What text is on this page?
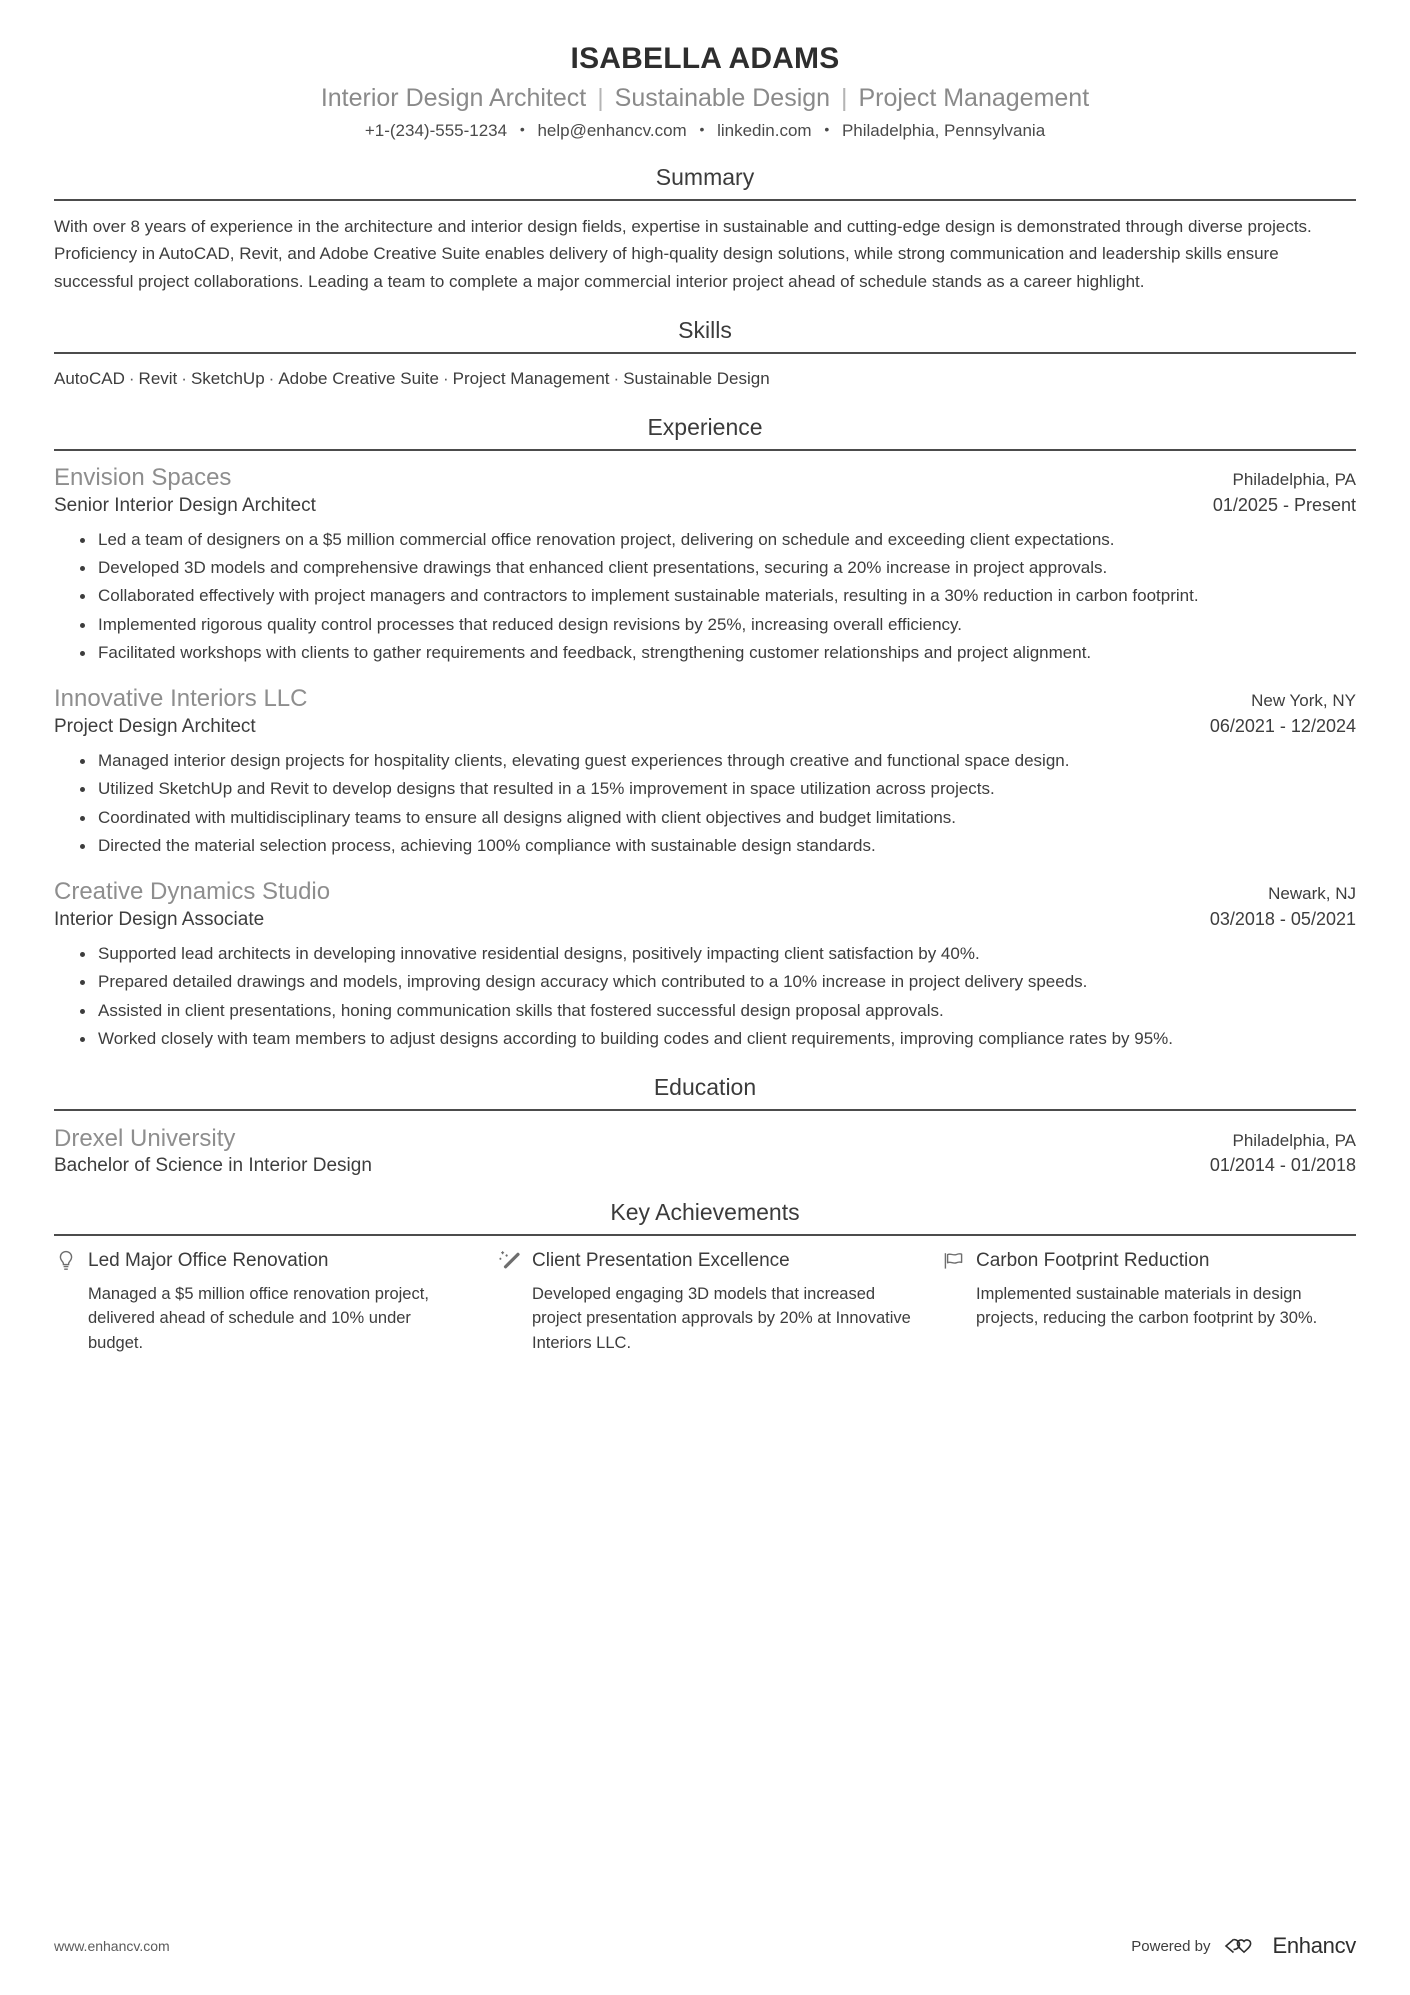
ISABELLA ADAMS
Interior Design Architect | Sustainable Design | Project Management
+1-(234)-555-1234 • help@enhancv.com • linkedin.com • Philadelphia, Pennsylvania
Summary
With over 8 years of experience in the architecture and interior design fields, expertise in sustainable and cutting-edge design is demonstrated through diverse projects. Proficiency in AutoCAD, Revit, and Adobe Creative Suite enables delivery of high-quality design solutions, while strong communication and leadership skills ensure successful project collaborations. Leading a team to complete a major commercial interior project ahead of schedule stands as a career highlight.
Skills
AutoCAD · Revit · SketchUp · Adobe Creative Suite · Project Management · Sustainable Design
Experience
Envision Spaces	Philadelphia, PA
Senior Interior Design Architect	01/2025 - Present
Led a team of designers on a $5 million commercial office renovation project, delivering on schedule and exceeding client expectations.
Developed 3D models and comprehensive drawings that enhanced client presentations, securing a 20% increase in project approvals.
Collaborated effectively with project managers and contractors to implement sustainable materials, resulting in a 30% reduction in carbon footprint.
Implemented rigorous quality control processes that reduced design revisions by 25%, increasing overall efficiency.
Facilitated workshops with clients to gather requirements and feedback, strengthening customer relationships and project alignment.
Innovative Interiors LLC	New York, NY
Project Design Architect	06/2021 - 12/2024
Managed interior design projects for hospitality clients, elevating guest experiences through creative and functional space design.
Utilized SketchUp and Revit to develop designs that resulted in a 15% improvement in space utilization across projects.
Coordinated with multidisciplinary teams to ensure all designs aligned with client objectives and budget limitations.
Directed the material selection process, achieving 100% compliance with sustainable design standards.
Creative Dynamics Studio	Newark, NJ
Interior Design Associate	03/2018 - 05/2021
Supported lead architects in developing innovative residential designs, positively impacting client satisfaction by 40%.
Prepared detailed drawings and models, improving design accuracy which contributed to a 10% increase in project delivery speeds.
Assisted in client presentations, honing communication skills that fostered successful design proposal approvals.
Worked closely with team members to adjust designs according to building codes and client requirements, improving compliance rates by 95%.
Education
Drexel University	Philadelphia, PA
Bachelor of Science in Interior Design	01/2014 - 01/2018
Key Achievements
Led Major Office Renovation
Managed a $5 million office renovation project, delivered ahead of schedule and 10% under budget.
Client Presentation Excellence
Developed engaging 3D models that increased project presentation approvals by 20% at Innovative Interiors LLC.
Carbon Footprint Reduction
Implemented sustainable materials in design projects, reducing the carbon footprint by 30%.
www.enhancv.com	Powered by	Enhancv
